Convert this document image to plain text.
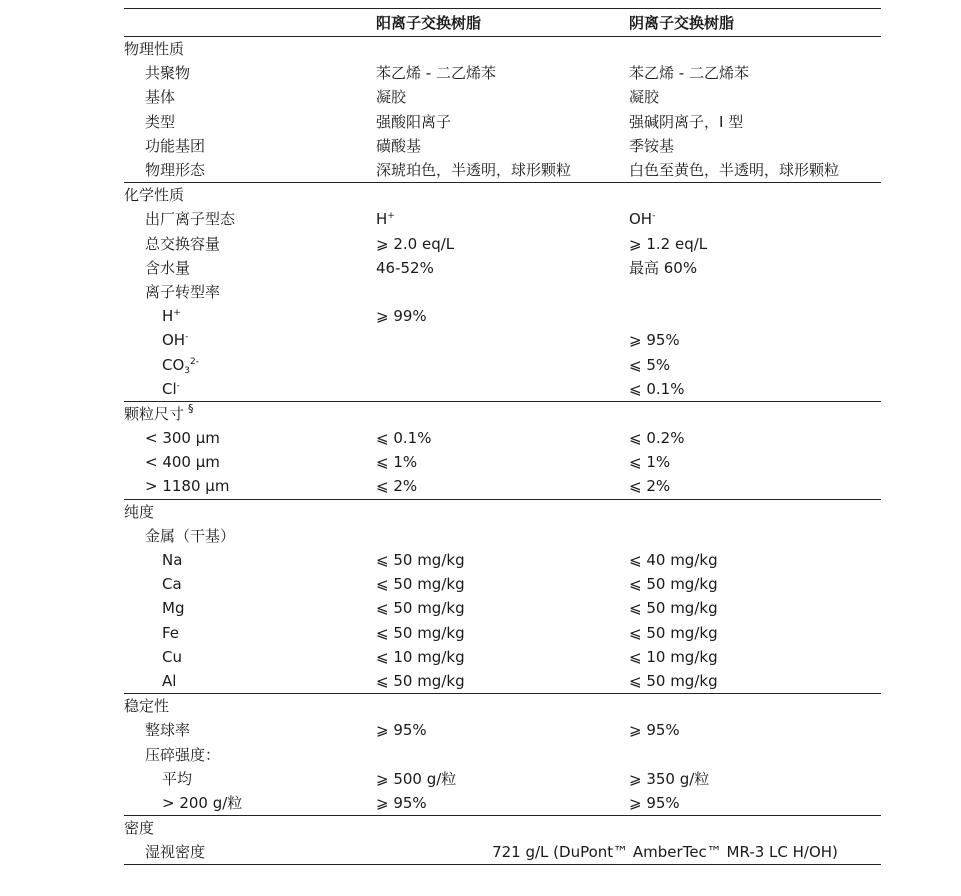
	阳离子交换树脂	阴离子交换树脂
物理性质		
共聚物	苯乙烯 - 二乙烯苯	苯乙烯 - 二乙烯苯
基体	凝胶	凝胶
类型	强酸阳离子	强碱阴离子，I 型
功能基团	磺酸基	季铵基
物理形态	深琥珀色，半透明，球形颗粒	白色至黄色，半透明，球形颗粒
化学性质		
出厂离子型态	H+	OH-
总交换容量	⩾ 2.0 eq/L	⩾ 1.2 eq/L
含水量	46-52%	最高 60%
离子转型率		
H+	⩾ 99%	
OH-		⩾ 95%
$CO_3^{2-}$		⩽ 5%
Cl-		⩽ 0.1%
颗粒尺寸 §
< 300 µm	⩽ 0.1%	⩽ 0.2%
< 400 µm	⩽ 1%	⩽ 1%
> 1180 µm	⩽ 2%	⩽ 2%
纯度		
金属（干基）		
Na	⩽ 50 mg/kg	⩽ 40 mg/kg
Ca	⩽ 50 mg/kg	⩽ 50 mg/kg
Mg	⩽ 50 mg/kg	⩽ 50 mg/kg
Fe	⩽ 50 mg/kg	⩽ 50 mg/kg
Cu	⩽ 10 mg/kg	⩽ 10 mg/kg
Al	⩽ 50 mg/kg	⩽ 50 mg/kg
稳定性		
整球率	⩾ 95%	⩾ 95%
压碎强度：		
平均	⩾ 500 g/粒	⩾ 350 g/粒
> 200 g/粒	⩾ 95%	⩾ 95%
密度		
湿视密度	721 g/L (DuPont™ AmberTec™ MR-3 LC H/OH)	
